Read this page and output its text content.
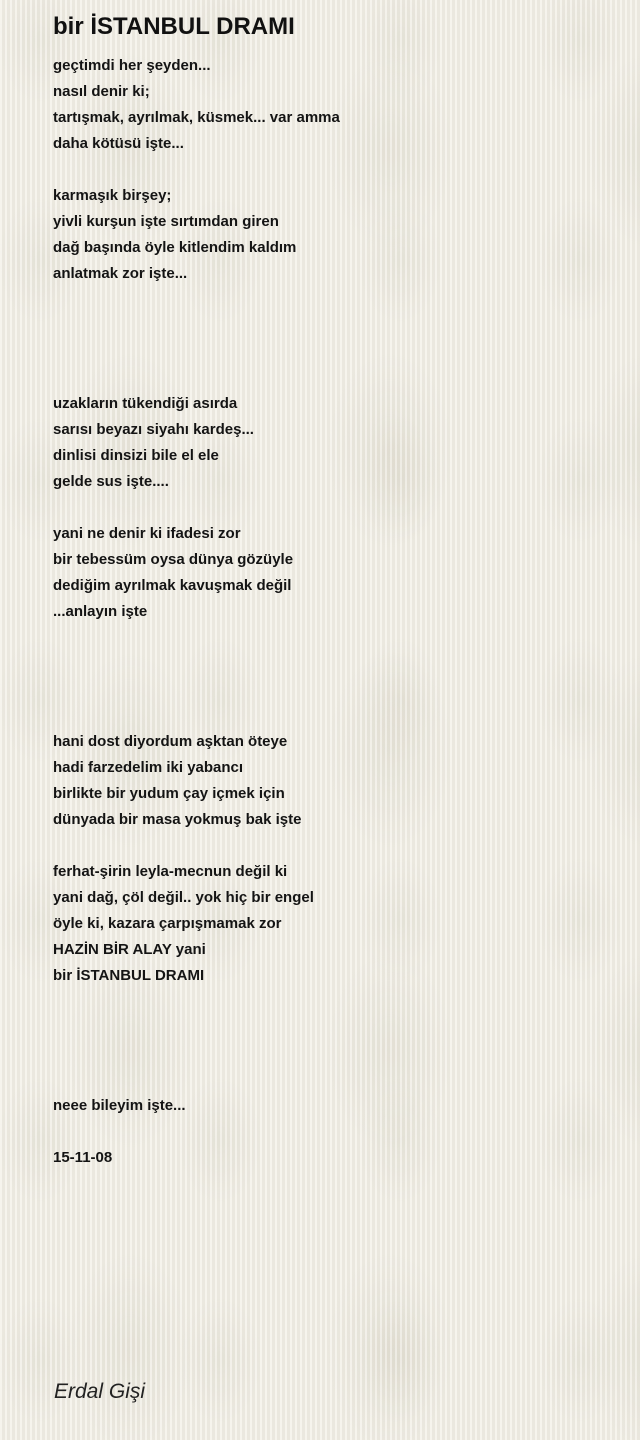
bir İSTANBUL DRAMI
geçtimdi her şeyden...
nasıl denir ki;
tartışmak, ayrılmak, küsmek... var amma
daha kötüsü işte...
karmaşık birşey;
yivli kurşun işte sırtımdan giren
dağ başında öyle kitlendim kaldım
anlatmak zor işte...
uzakların tükendiği asırda
sarısı beyazı siyahı kardeş...
dinlisi dinsizi bile el ele
gelde sus işte....
yani ne denir ki ifadesi zor
bir tebessüm oysa dünya gözüyle
dediğim ayrılmak kavuşmak değil
...anlayın işte
hani dost diyordum aşktan öteye
hadi farzedelim iki yabancı
birlikte bir yudum çay içmek için
dünyada bir masa yokmuş bak işte
ferhat-şirin leyla-mecnun değil ki
yani dağ, çöl değil.. yok hiç bir engel
öyle ki, kazara çarpışmamak zor
HAZİN BİR ALAY yani
bir İSTANBUL DRAMI
neee bileyim işte...
15-11-08
Erdal Gişi
